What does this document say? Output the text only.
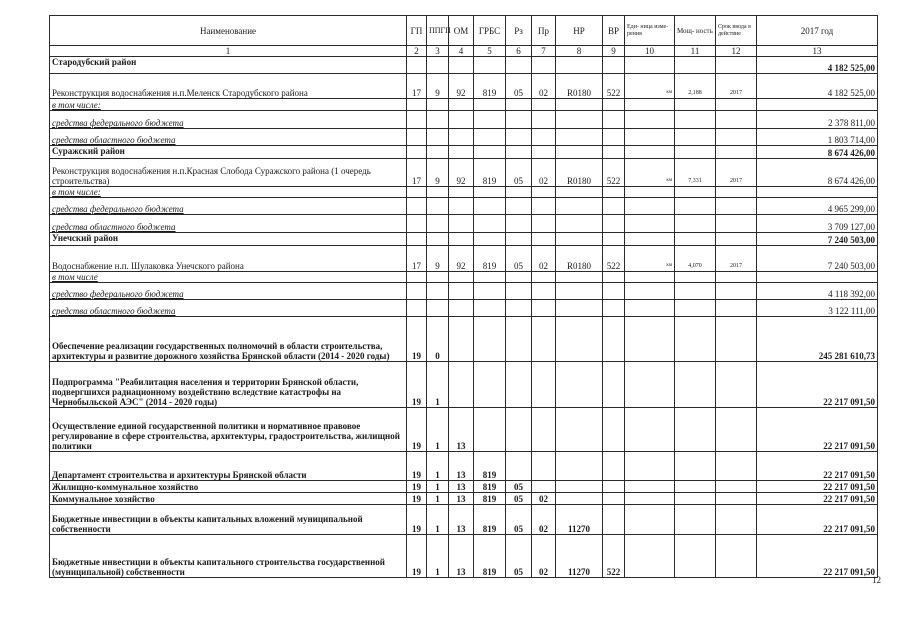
Наименование	ГП	ППГП	ОМ	ГРБС	Рз	Пр	НР	ВР	Еди- ница изме- рения	Мощ- ность	Срок ввода в действие	2017 год
1	2	3	4	5	6	7	8	9	10	11	12	13
Стародубский район												4 182 525,00
Реконструкция водоснабжения н.п.Меленск Стародубского района	17	9	92	819	05	02	R0180	522	км	2,188	2017	4 182 525,00
в том числе:												
средства федерального бюджета												2 378 811,00
средства областного бюджета												1 803 714,00
Суражский район												8 674 426,00
Реконструкция водоснабжения н.п.Красная Слобода Суражского района (1 очередь строительства)	17	9	92	819	05	02	R0180	522	км	7,331	2017	8 674 426,00
в том числе:												
средства федерального бюджета												4 965 299,00
средства областного бюджета												3 709 127,00
Унечский район												7 240 503,00
Водоснабжение н.п. Шулаковка Унечского района	17	9	92	819	05	02	R0180	522	км	4,070	2017	7 240 503,00
в том числе												
средство федерального бюджета												4 118 392,00
средства областного бюджета												3 122 111,00
Обеспечение реализации государственных полномочий в области строительства, архитектуры и развитие дорожного хозяйства Брянской области (2014 - 2020 годы)	19	0										245 281 610,73
Подпрограмма "Реабилитация населения и территории Брянской области, подвергшихся радиационному воздействию вследствие катастрофы на Чернобыльской АЭС" (2014 - 2020 годы)	19	1										22 217 091,50
Осуществление единой государственной политики и нормативное правовое регулирование в сфере строительства, архитектуры, градостроительства, жилищной политики	19	1	13									22 217 091,50
Департамент строительства и архитектуры Брянской области	19	1	13	819								22 217 091,50
Жилищно-коммунальное хозяйство	19	1	13	819	05							22 217 091,50
Коммунальное хозяйство	19	1	13	819	05	02						22 217 091,50
Бюджетные инвестиции в объекты капитальных вложений муниципальной собственности	19	1	13	819	05	02	11270					22 217 091,50
Бюджетные инвестиции в объекты капитального строительства государственной (муниципальной) собственности	19	1	13	819	05	02	11270	522				22 217 091,50
12
